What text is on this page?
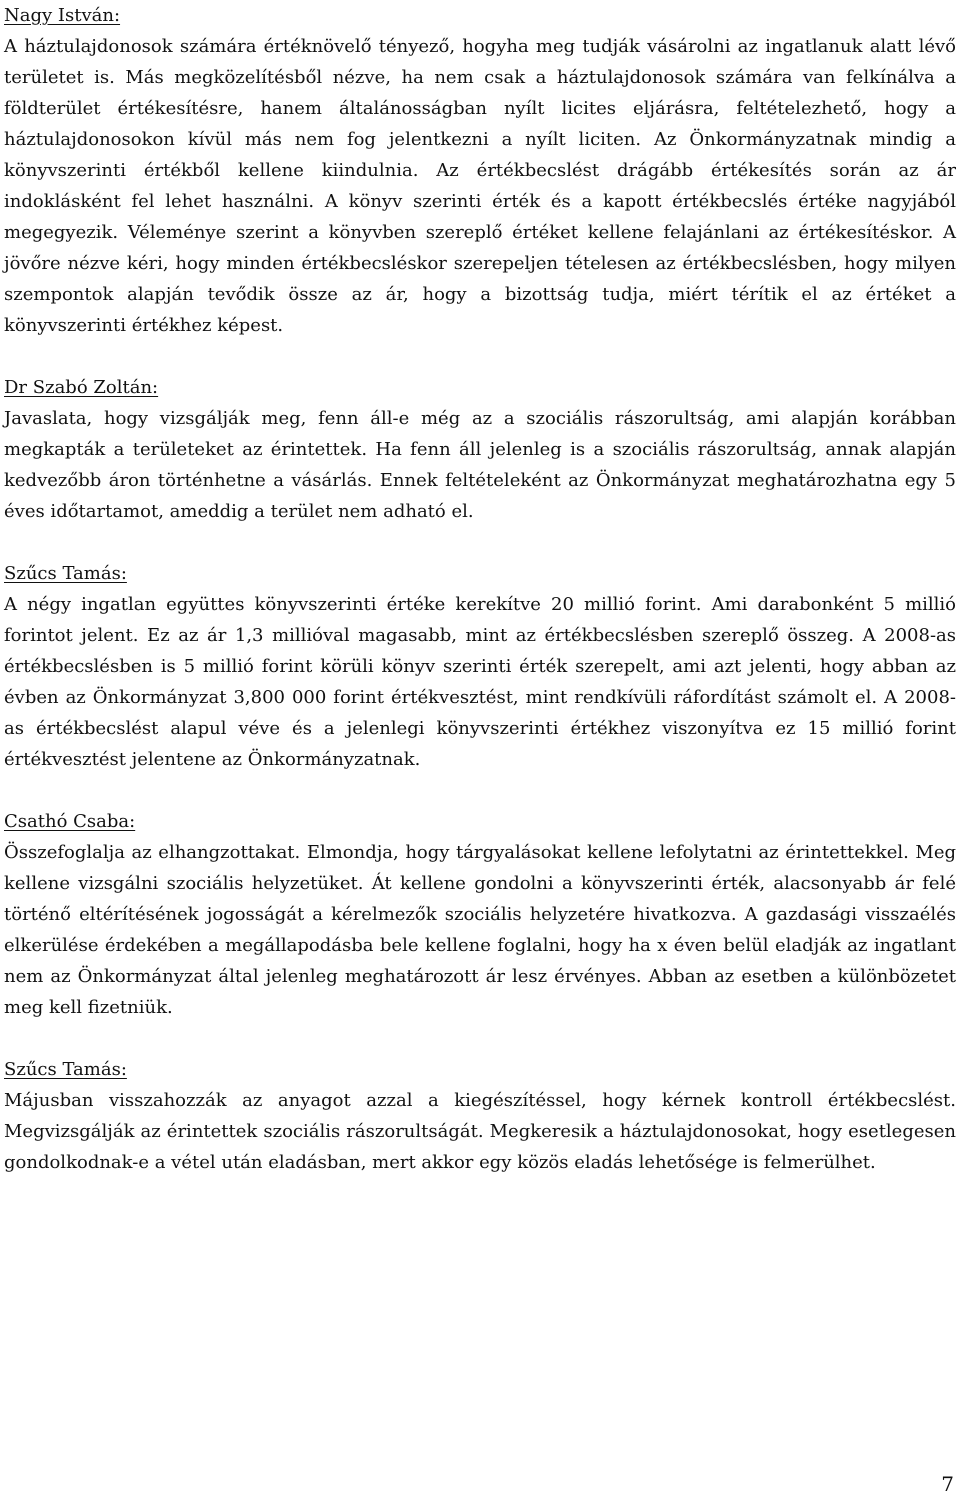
Nagy István:

A háztulajdonosok számára értéknövelő tényező, hogyha meg tudják vásárolni az ingatlanuk alatt lévő területet is. Más megközelítésből nézve, ha nem csak a háztulajdonosok számára van felkínálva a földterület értékesítésre, hanem általánosságban nyílt licites eljárásra, feltételezhető, hogy a háztulajdonosokon kívül más nem fog jelentkezni a nyílt liciten. Az Önkormányzatnak mindig a könyvszerinti értékből kellene kiindulnia. Az értékbecslést drágább értékesítés során az ár indoklásként fel lehet használni. A könyv szerinti érték és a kapott értékbecslés értéke nagyjából megegyezik. Véleménye szerint a könyvben szereplő értéket kellene felajánlani az értékesítéskor. A jövőre nézve kéri, hogy minden értékbecsléskor szerepeljen tételesen az értékbecslésben, hogy milyen szempontok alapján tevődik össze az ár, hogy a bizottság tudja, miért térítik el az értéket a könyvszerinti értékhez képest.

Dr Szabó Zoltán:

Javaslata, hogy vizsgálják meg, fenn áll-e még az a szociális rászorultság, ami alapján korábban megkapták a területeket az érintettek. Ha fenn áll jelenleg is a szociális rászorultság, annak alapján kedvezőbb áron történhetne a vásárlás. Ennek feltételeként az Önkormányzat meghatározhatna egy 5 éves időtartamot, ameddig a terület nem adható el.

Szűcs Tamás:

A négy ingatlan együttes könyvszerinti értéke kerekítve 20 millió forint. Ami darabonként 5 millió forintot jelent. Ez az ár 1,3 millióval magasabb, mint az értékbecslésben szereplő összeg. A 2008-as értékbecslésben is 5 millió forint körüli könyv szerinti érték szerepelt, ami azt jelenti, hogy abban az évben az Önkormányzat 3,800 000 forint értékvesztést, mint rendkívüli ráfordítást számolt el. A 2008-as értékbecslést alapul véve és a jelenlegi könyvszerinti értékhez viszonyítva ez 15 millió forint értékvesztést jelentene az Önkormányzatnak.

Csathó Csaba:

Összefoglalja az elhangzottakat. Elmondja, hogy tárgyalásokat kellene lefolytatni az érintettekkel. Meg kellene vizsgálni szociális helyzetüket. Át kellene gondolni a könyvszerinti érték, alacsonyabb ár felé történő eltérítésének jogosságát a kérelmezők szociális helyzetére hivatkozva. A gazdasági visszaélés elkerülése érdekében a megállapodásba bele kellene foglalni, hogy ha x éven belül eladják az ingatlant nem az Önkormányzat által jelenleg meghatározott ár lesz érvényes. Abban az esetben a különbözetet meg kell fizetniük.

Szűcs Tamás:

Májusban visszahozzák az anyagot azzal a kiegészítéssel, hogy kérnek kontroll értékbecslést. Megvizsgálják az érintettek szociális rászorultságát. Megkeresik a háztulajdonosokat, hogy esetlegesen gondolkodnak-e a vétel után eladásban, mert akkor egy közös eladás lehetősége is felmerülhet.

7
